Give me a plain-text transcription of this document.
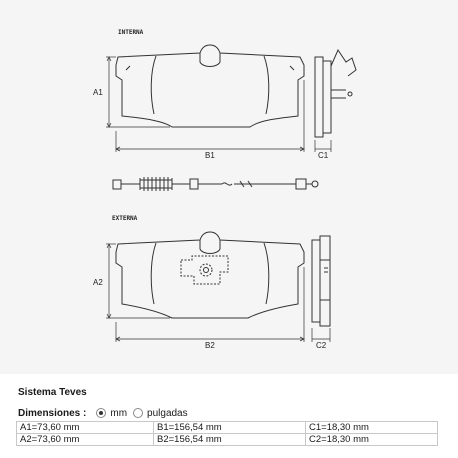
INTERNA
A1
B1	C1
EXTERNA
A2
B2	C2
Sistema Teves
Dimensiones : mm pulgadas
A1=73,60 mm	B1=156,54 mm	C1=18,30 mm
A2=73,60 mm	B2=156,54 mm	C2=18,30 mm
